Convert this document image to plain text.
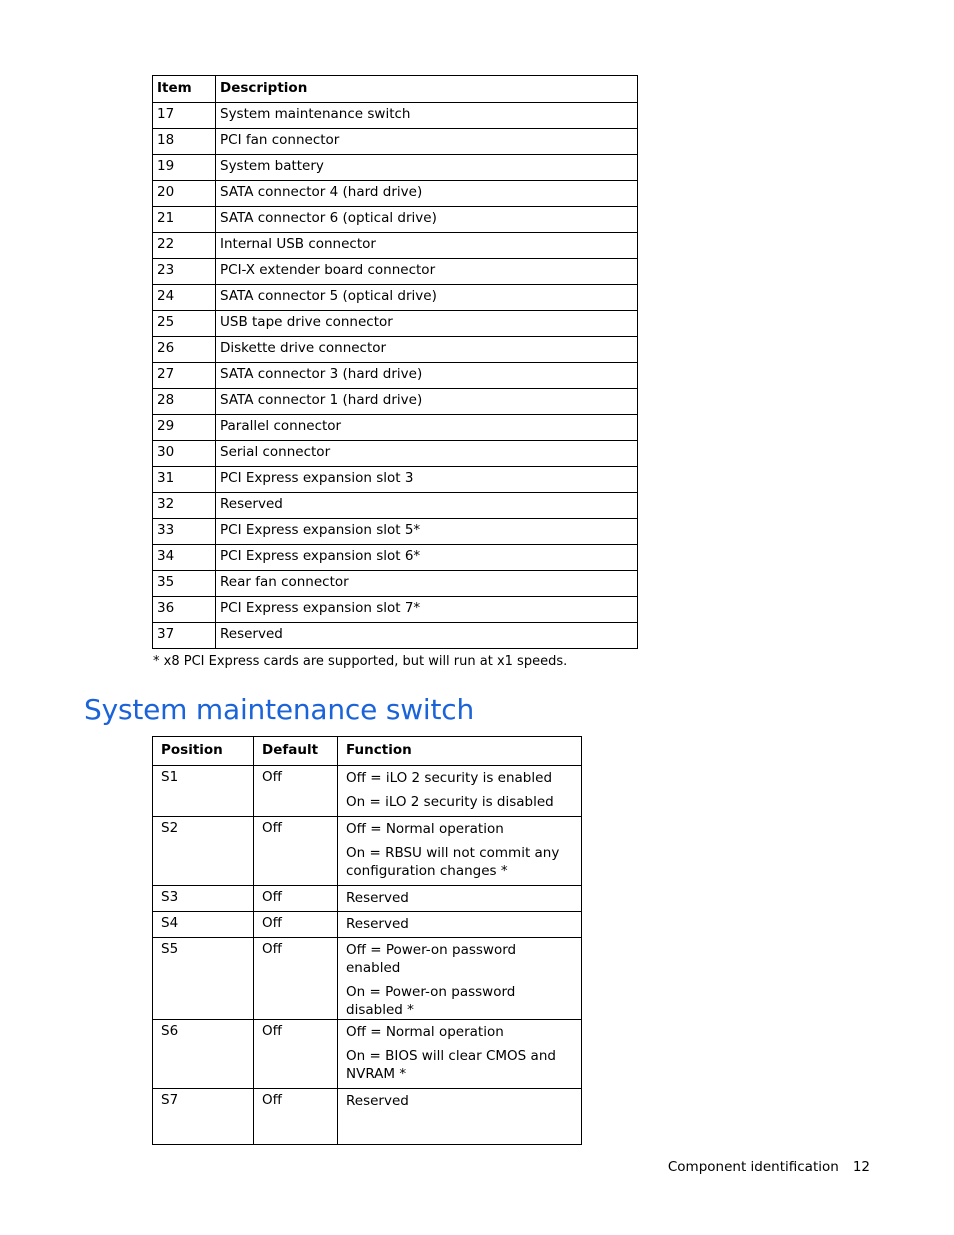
Item	Description
17	System maintenance switch
18	PCI fan connector
19	System battery
20	SATA connector 4 (hard drive)
21	SATA connector 6 (optical drive)
22	Internal USB connector
23	PCI-X extender board connector
24	SATA connector 5 (optical drive)
25	USB tape drive connector
26	Diskette drive connector
27	SATA connector 3 (hard drive)
28	SATA connector 1 (hard drive)
29	Parallel connector
30	Serial connector
31	PCI Express expansion slot 3
32	Reserved
33	PCI Express expansion slot 5*
34	PCI Express expansion slot 6*
35	Rear fan connector
36	PCI Express expansion slot 7*
37	Reserved
* x8 PCI Express cards are supported, but will run at x1 speeds.
System maintenance switch
Position	Default	Function
S1	Off	Off = iLO 2 security is enabled
On = iLO 2 security is disabled

S2	Off	Off = Normal operation
On = RBSU will not commit any configuration changes *

S3	Off	Reserved

S4	Off	Reserved

S5	Off	Off = Power-on password enabled
On = Power-on password disabled *

S6	Off	Off = Normal operation
On = BIOS will clear CMOS and NVRAM *

S7	Off	Reserved
Component identification 12
